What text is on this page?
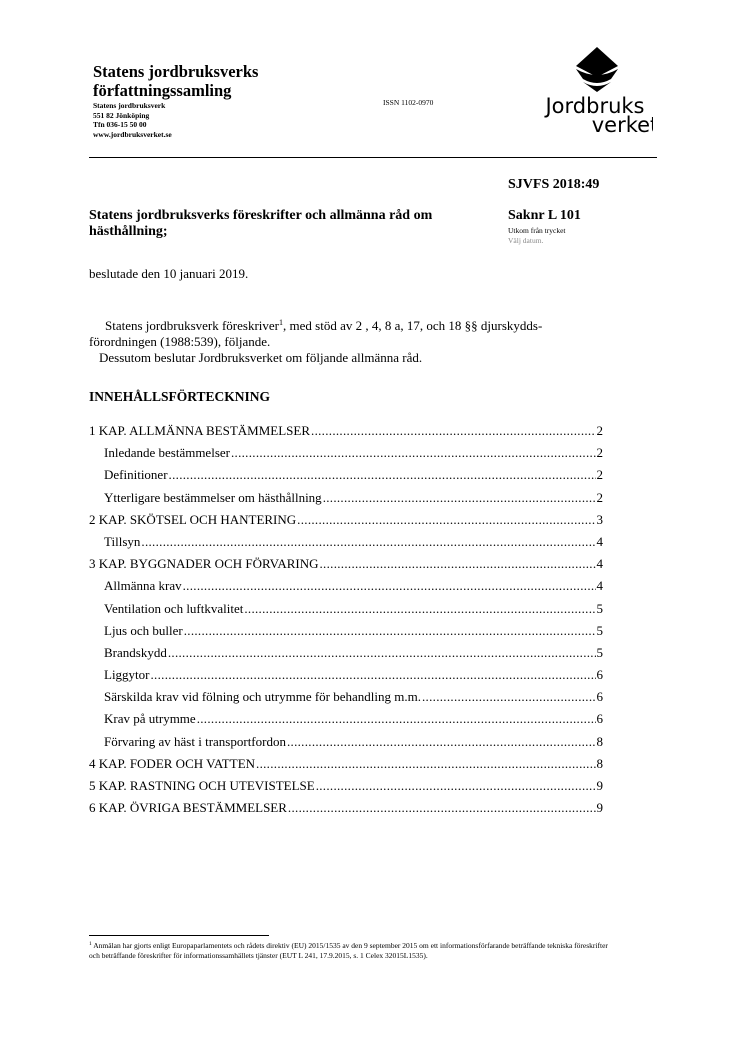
Statens jordbruksverks författningssamling
Statens jordbruksverk
551 82 Jönköping
Tfn 036-15 50 00
www.jordbruksverket.se
ISSN 1102-0970	Jordbruks
verket
SJVFS 2018:49
Statens jordbruksverks föreskrifter och allmänna råd om hästhållning;
Saknr L 101
Utkom från trycket
Välj datum.
beslutade den 10 januari 2019.

Statens jordbruksverk föreskriver$^1$, med stöd av 2 , 4, 8 a, 17, och 18 §§ djurskydds-förordningen (1988:539), följande.

Dessutom beslutar Jordbruksverket om följande allmänna råd.

INNEHÅLLSFÖRTECKNING
1 KAP. ALLMÄNNA BESTÄMMELSER .....	2
Inledande bestämmelser .....	2
Definitioner .....	2
Ytterligare bestämmelser om hästhållning .....	2
2 KAP. SKÖTSEL OCH HANTERING .....	3
Tillsyn .....	4
3 KAP. BYGGNADER OCH FÖRVARING .....	4
Allmänna krav .....	4
Ventilation och luftkvalitet .....	5
Ljus och buller .....	5
Brandskydd .....	5
Liggytor .....	6
Särskilda krav vid fölning och utrymme för behandling m.m. .....	6
Krav på utrymme .....	6
Förvaring av häst i transportfordon .....	8
4 KAP. FODER OCH VATTEN .....	8
5 KAP. RASTNING OCH UTEVISTELSE .....	9
6 KAP. ÖVRIGA BESTÄMMELSER .....	9
$^1$ Anmälan har gjorts enligt Europaparlamentets och rådets direktiv (EU) 2015/1535 av den 9 september 2015 om ett informationsförfarande beträffande tekniska föreskrifter och beträffande föreskrifter för informationssamhällets tjänster (EUT L 241, 17.9.2015, s. 1 Celex 32015L1535).
